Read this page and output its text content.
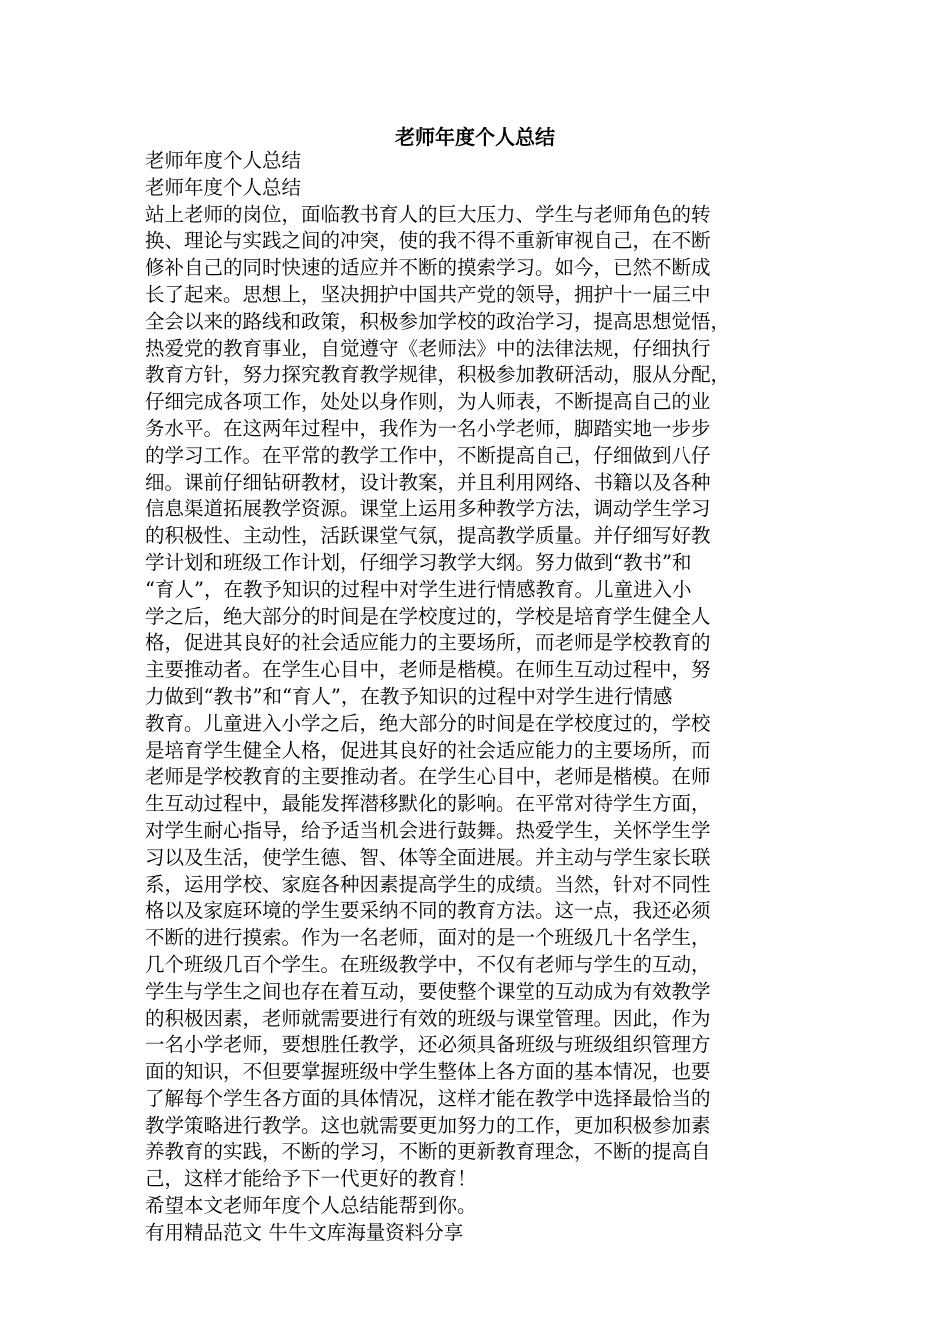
老师年度个人总结
老师年度个人总结
老师年度个人总结
站上老师的岗位，面临教书育人的巨大压力、学生与老师角色的转
换、理论与实践之间的冲突，使的我不得不重新审视自己，在不断
修补自己的同时快速的适应并不断的摸索学习。如今，已然不断成
长了起来。思想上，坚决拥护中国共产党的领导，拥护十一届三中
全会以来的路线和政策，积极参加学校的政治学习，提高思想觉悟，
热爱党的教育事业，自觉遵守《老师法》中的法律法规，仔细执行
教育方针，努力探究教育教学规律，积极参加教研活动，服从分配，
仔细完成各项工作，处处以身作则，为人师表，不断提高自己的业
务水平。在这两年过程中，我作为一名小学老师，脚踏实地一步步
的学习工作。在平常的教学工作中，不断提高自己，仔细做到八仔
细。课前仔细钻研教材，设计教案，并且利用网络、书籍以及各种
信息渠道拓展教学资源。课堂上运用多种教学方法，调动学生学习
的积极性、主动性，活跃课堂气氛，提高教学质量。并仔细写好教
学计划和班级工作计划，仔细学习教学大纲。努力做到“教书”和
“育人”，在教予知识的过程中对学生进行情感教育。儿童进入小
学之后，绝大部分的时间是在学校度过的，学校是培育学生健全人
格，促进其良好的社会适应能力的主要场所，而老师是学校教育的
主要推动者。在学生心目中，老师是楷模。在师生互动过程中，努
力做到“教书”和“育人”，在教予知识的过程中对学生进行情感
教育。儿童进入小学之后，绝大部分的时间是在学校度过的，学校
是培育学生健全人格，促进其良好的社会适应能力的主要场所，而
老师是学校教育的主要推动者。在学生心目中，老师是楷模。在师
生互动过程中，最能发挥潜移默化的影响。在平常对待学生方面，
对学生耐心指导，给予适当机会进行鼓舞。热爱学生，关怀学生学
习以及生活，使学生德、智、体等全面进展。并主动与学生家长联
系，运用学校、家庭各种因素提高学生的成绩。当然，针对不同性
格以及家庭环境的学生要采纳不同的教育方法。这一点，我还必须
不断的进行摸索。作为一名老师，面对的是一个班级几十名学生，
几个班级几百个学生。在班级教学中，不仅有老师与学生的互动，
学生与学生之间也存在着互动，要使整个课堂的互动成为有效教学
的积极因素，老师就需要进行有效的班级与课堂管理。因此，作为
一名小学老师，要想胜任教学，还必须具备班级与班级组织管理方
面的知识，不但要掌握班级中学生整体上各方面的基本情况，也要
了解每个学生各方面的具体情况，这样才能在教学中选择最恰当的
教学策略进行教学。这也就需要更加努力的工作，更加积极参加素
养教育的实践，不断的学习，不断的更新教育理念，不断的提高自
己，这样才能给予下一代更好的教育！
希望本文老师年度个人总结能帮到你。
有用精品范文 牛牛文库海量资料分享
